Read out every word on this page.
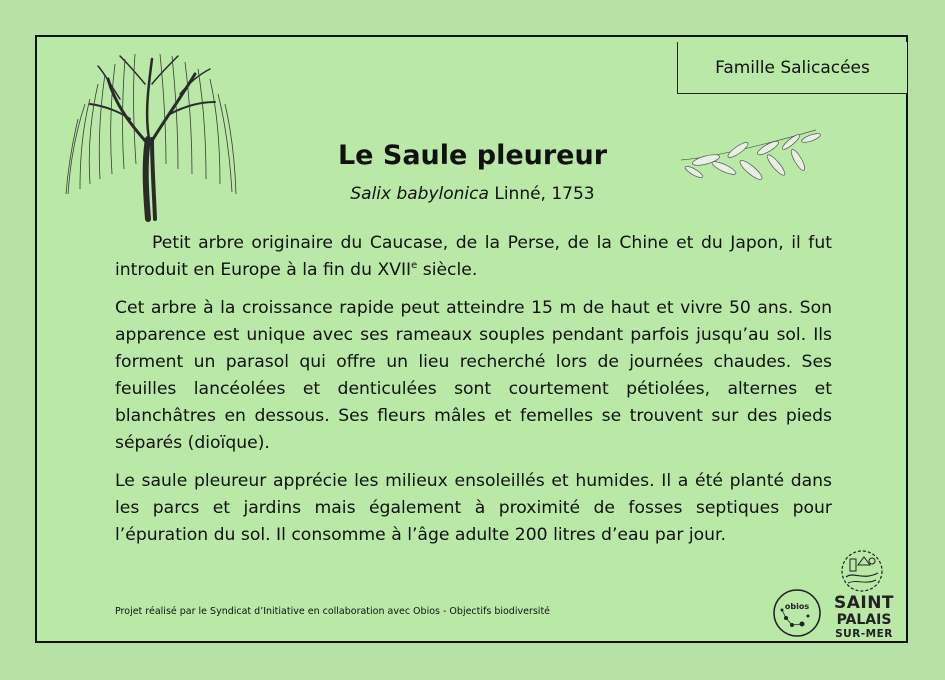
Famille Salicacées
Le Saule pleureur
Salix babylonica Linné, 1753

Petit arbre originaire du Caucase, de la Perse, de la Chine et du Japon, il fut introduit en Europe à la fin du XVIIe siècle.

Cet arbre à la croissance rapide peut atteindre 15 m de haut et vivre 50 ans. Son apparence est unique avec ses rameaux souples pendant parfois jusqu’au sol. Ils forment un parasol qui offre un lieu recherché lors de journées chaudes. Ses feuilles lancéolées et denticulées sont courtement pétiolées, alternes et blanchâtres en dessous. Ses fleurs mâles et femelles se trouvent sur des pieds séparés (dioïque).

Le saule pleureur apprécie les milieux ensoleillés et humides. Il a été planté dans les parcs et jardins mais également à proximité de fosses septiques pour l’épuration du sol. Il consomme à l’âge adulte 200 litres d’eau par jour.

Projet réalisé par le Syndicat d’Initiative en collaboration avec Obios - Objectifs biodiversité	obios SAINT
PALAIS
SUR-MER
